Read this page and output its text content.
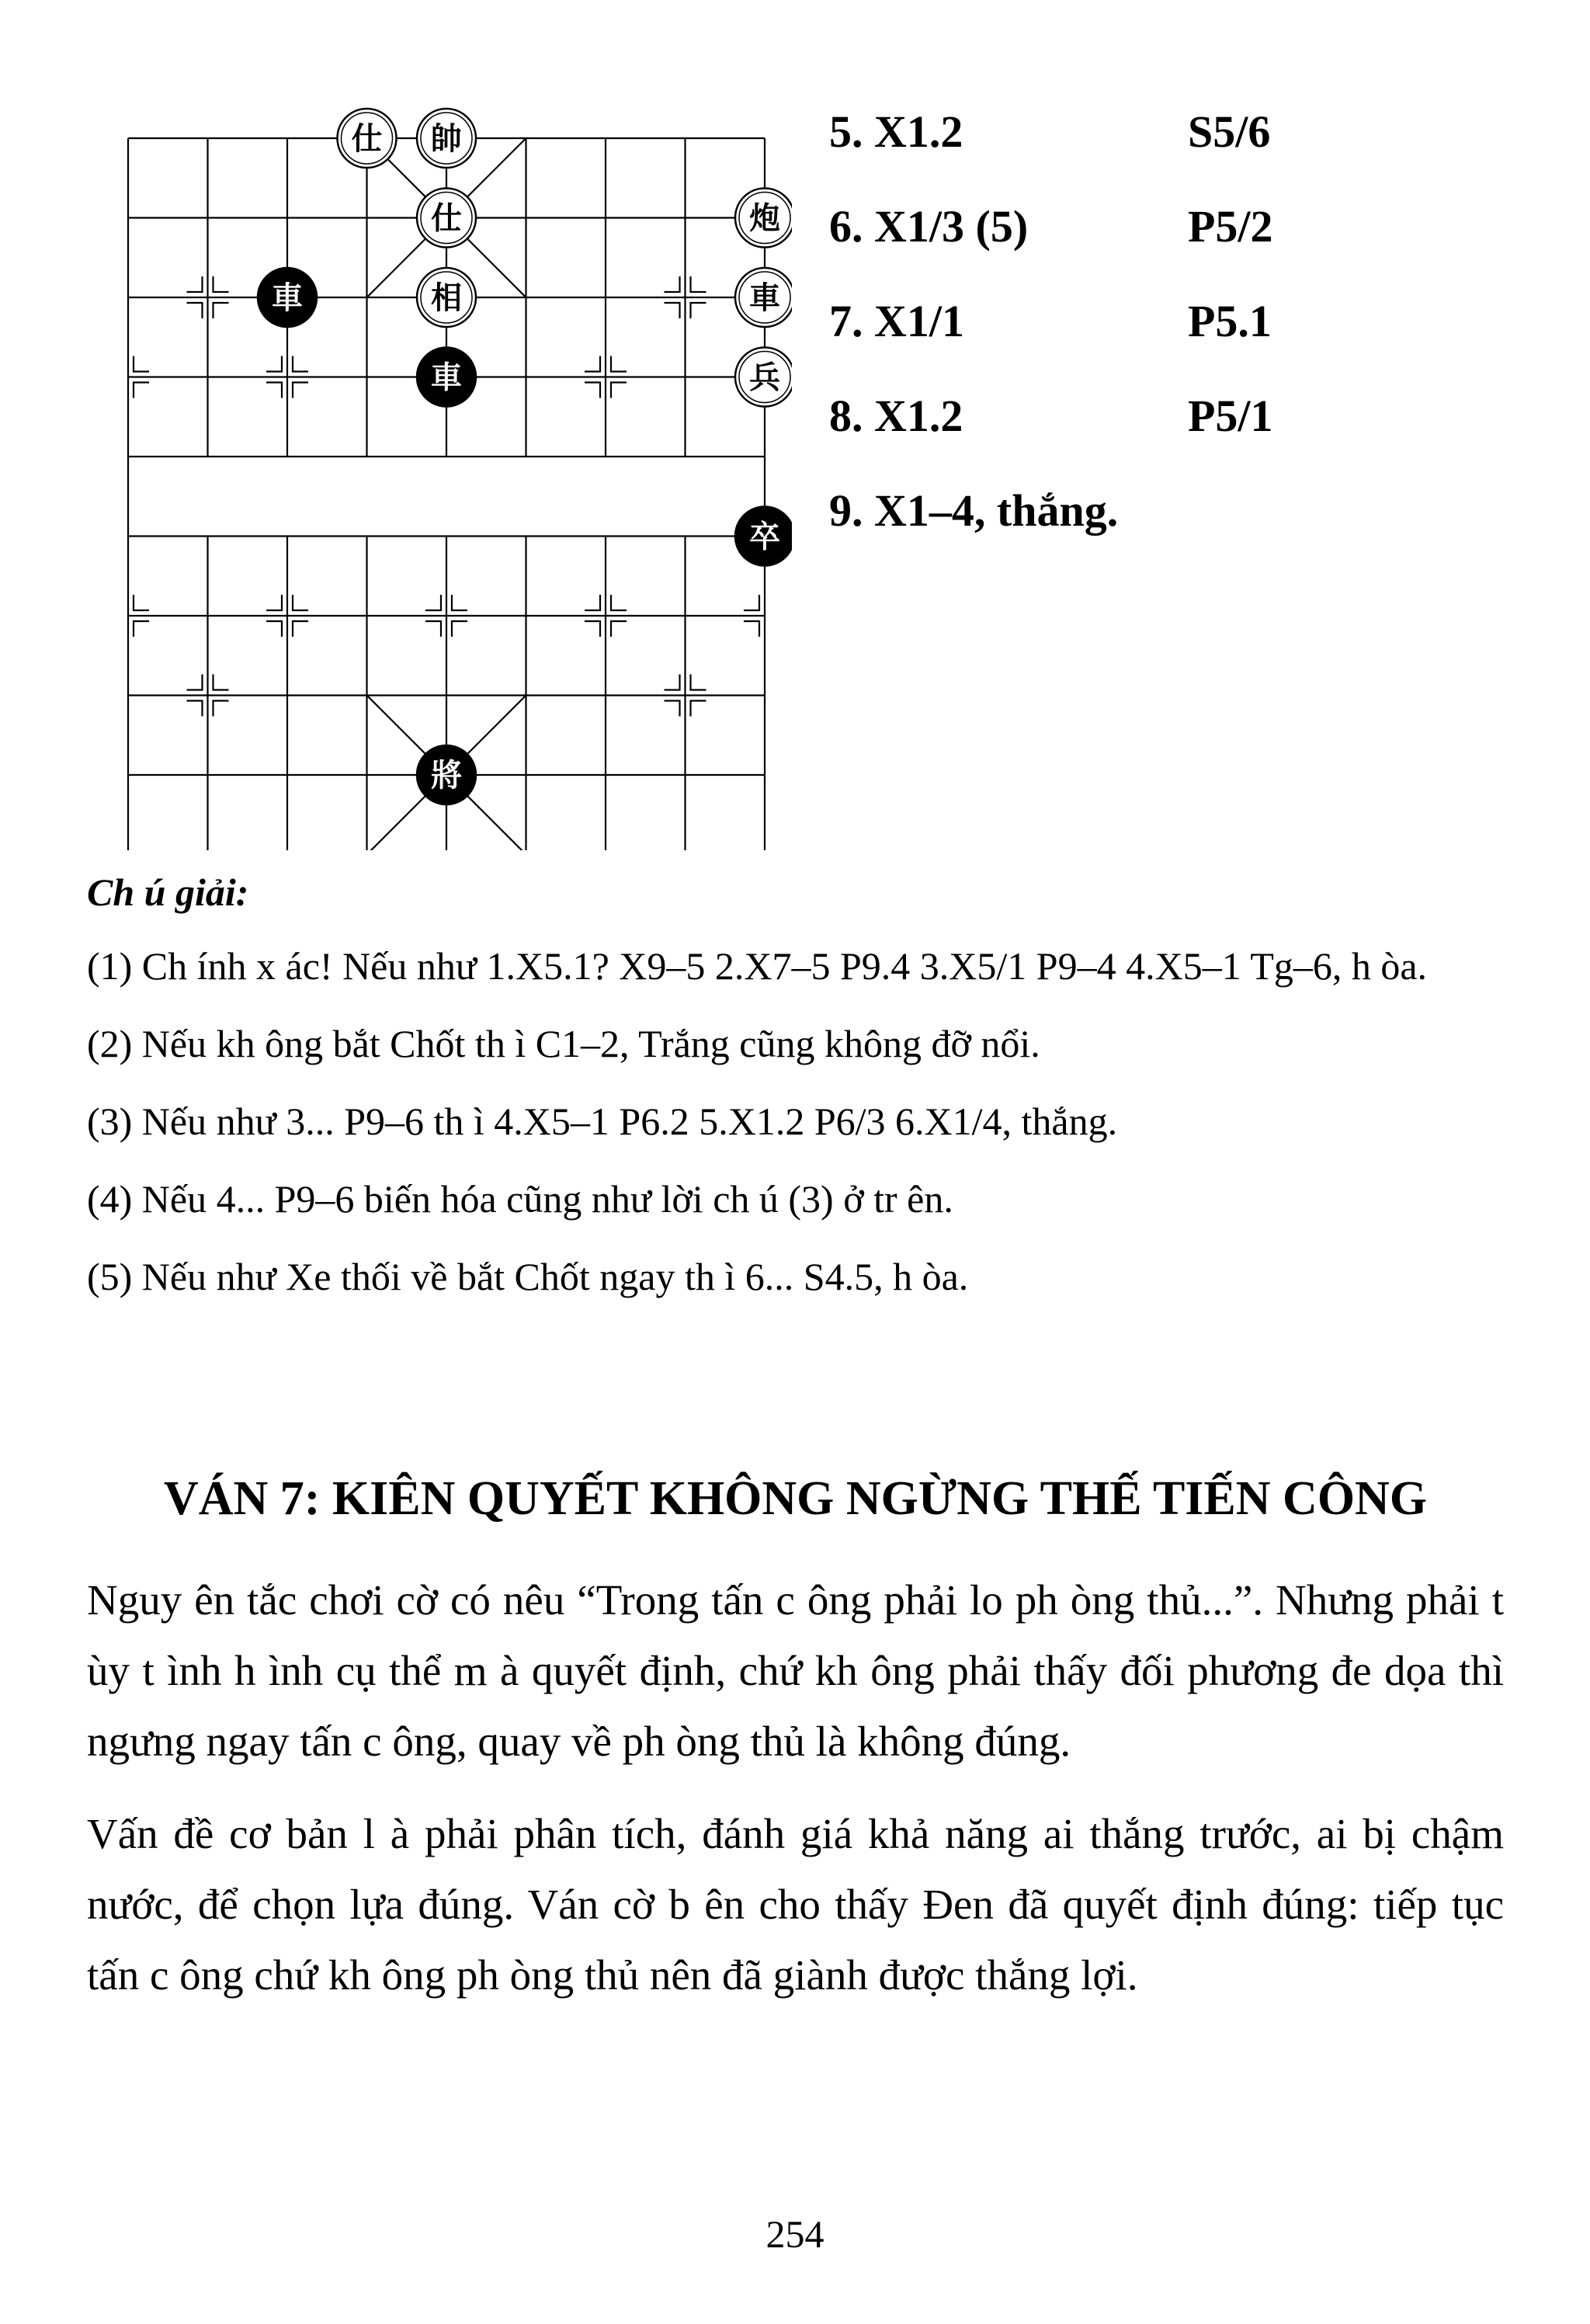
仕 帥
仕
相
炮
車
兵
車
車
卒
將
5. X1.2	S5/6
6. X1/3 (5)	P5/2
7. X1/1	P5.1
8. X1.2	P5/1
9. X1–4, thắng.
Ch ú giải:

(1) Ch ính x ác! Nếu như 1.X5.1? X9–5 2.X7–5 P9.4 3.X5/1 P9–4 4.X5–1 Tg–6, h òa.

(2) Nếu kh ông bắt Chốt th ì C1–2, Trắng cũng không đỡ nổi.

(3) Nếu như 3... P9–6 th ì 4.X5–1 P6.2 5.X1.2 P6/3 6.X1/4, thắng.

(4) Nếu 4... P9–6 biến hóa cũng như lời ch ú (3) ở tr ên.

(5) Nếu như Xe thối về bắt Chốt ngay th ì 6... S4.5, h òa.

VÁN 7: KIÊN QUYẾT KHÔNG NGỪNG THẾ TIẾN CÔNG

Nguy ên tắc chơi cờ có nêu “Trong tấn c ông phải lo ph òng thủ...”. Nhưng phải t ùy t ình h ình cụ thể m à quyết định, chứ kh ông phải thấy đối phương đe dọa thì ngưng ngay tấn c ông, quay về ph òng thủ là không đúng.

Vấn đề cơ bản l à phải phân tích, đánh giá khả năng ai thắng trước, ai bị chậm nước, để chọn lựa đúng. Ván cờ b ên cho thấy Đen đã quyết định đúng: tiếp tục tấn c ông chứ kh ông ph òng thủ nên đã giành được thắng lợi.

254
